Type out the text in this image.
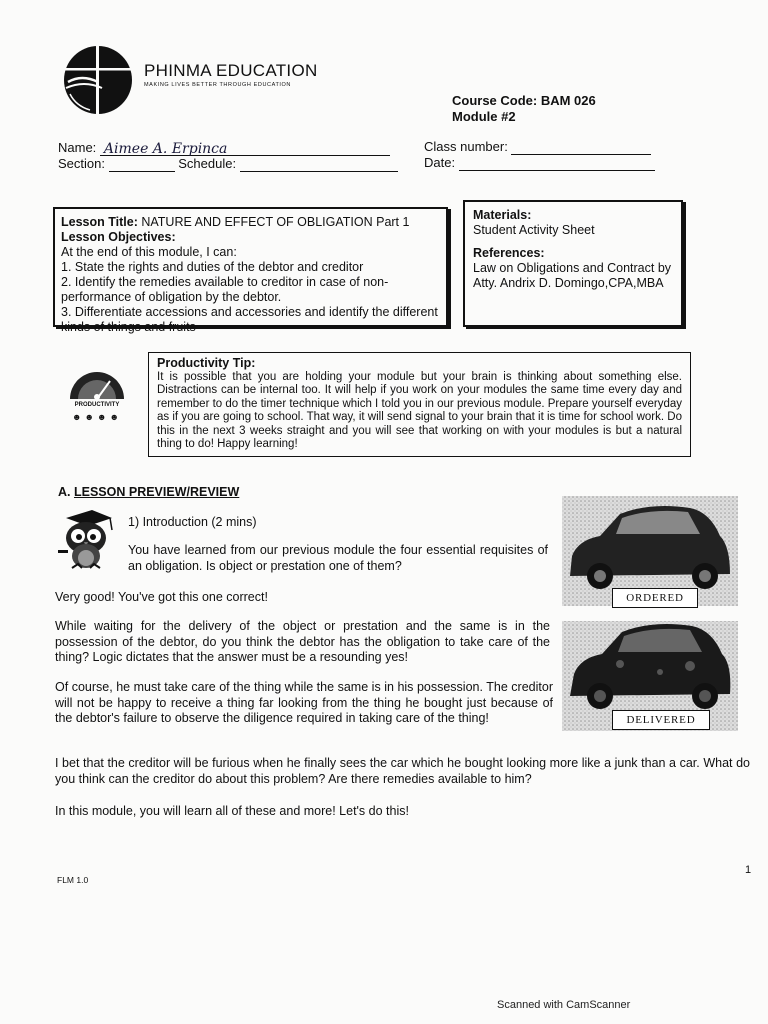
PHINMA EDUCATION
MAKING LIVES BETTER THROUGH EDUCATION
Course Code: BAM 026
Module #2
Name: Aimee A. Erpinca
Section:	Schedule:
Class number:
Date:
Lesson Title: NATURE AND EFFECT OF OBLIGATION Part 1
Lesson Objectives:
At the end of this module, I can:
1. State the rights and duties of the debtor and creditor
2. Identify the remedies available to creditor in case of non-performance of obligation by the debtor.
3. Differentiate accessions and accessories and identify the different kinds of things and fruits
Materials:
Student Activity Sheet
References:
Law on Obligations and Contract by Atty. Andrix D. Domingo,CPA,MBA
PRODUCTIVITY
☻☻☻☻
Productivity Tip:
It is possible that you are holding your module but your brain is thinking about something else. Distractions can be internal too. It will help if you work on your modules the same time every day and remember to do the timer technique which I told you in our previous module. Prepare yourself everyday as if you are going to school. That way, it will send signal to your brain that it is time for school work. Do this in the next 3 weeks straight and you will see that working on with your modules is but a natural thing to do! Happy learning!
A. LESSON PREVIEW/REVIEW
1) Introduction (2 mins)
You have learned from our previous module the four essential requisites of an obligation. Is object or prestation one of them?
Very good! You've got this one correct!
While waiting for the delivery of the object or prestation and the same is in the possession of the debtor, do you think the debtor has the obligation to take care of the thing? Logic dictates that the answer must be a resounding yes!
Of course, he must take care of the thing while the same is in his possession. The creditor will not be happy to receive a thing far looking from the thing he bought just because of the debtor's failure to observe the diligence required in taking care of the thing!
I bet that the creditor will be furious when he finally sees the car which he bought looking more like a junk than a car. What do you think can the creditor do about this problem? Are there remedies available to him?
In this module, you will learn all of these and more! Let's do this!
ORDERED
DELIVERED
FLM 1.0
1
Scanned with CamScanner
